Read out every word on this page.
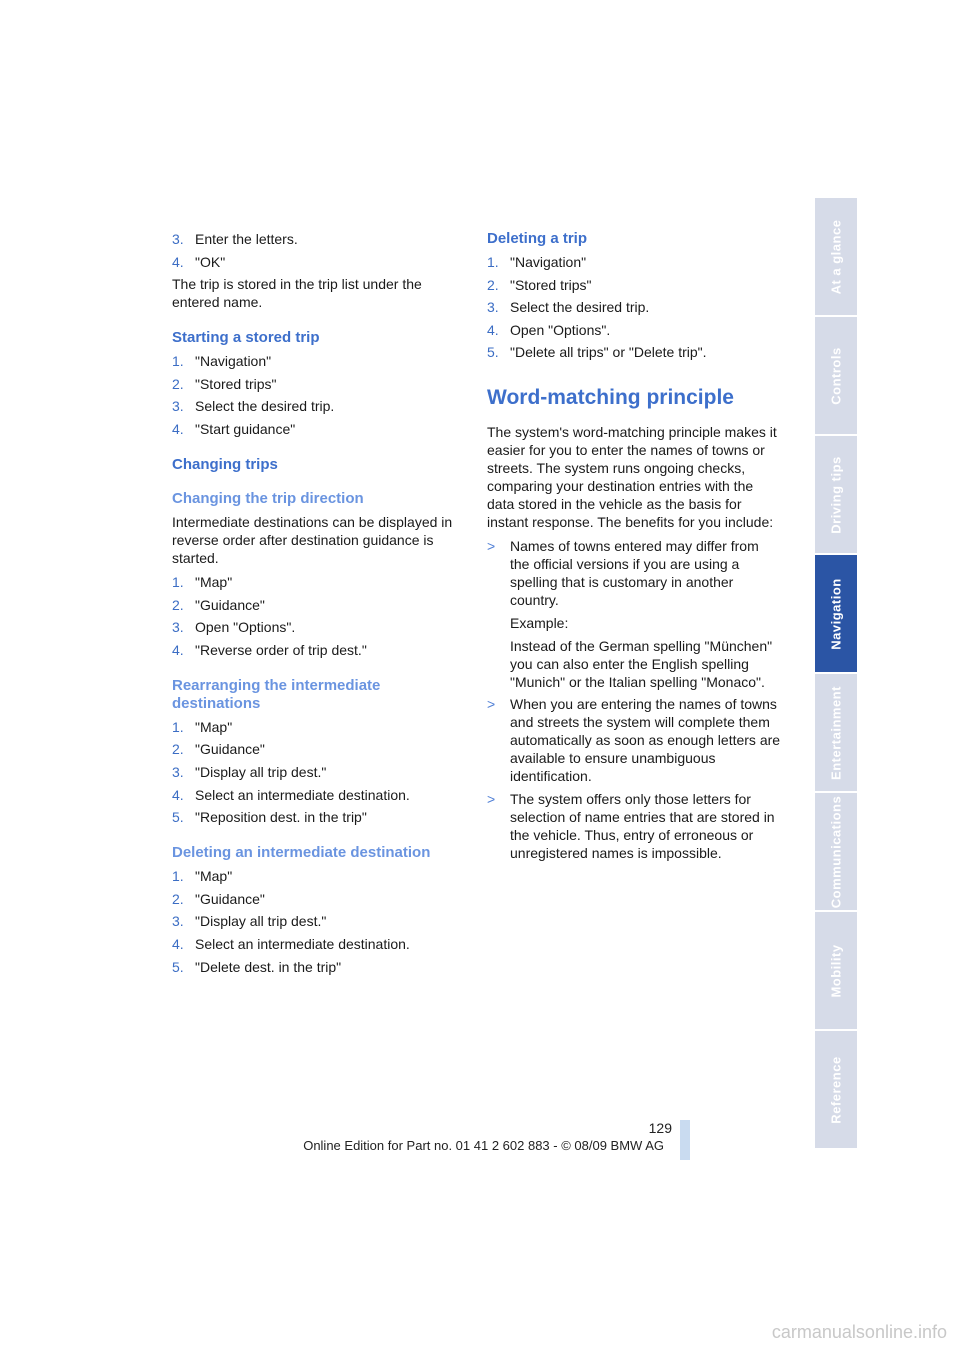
3. Enter the letters.
4. "OK"

The trip is stored in the trip list under the entered name.

Starting a stored trip
1. "Navigation"
2. "Stored trips"
3. Select the desired trip.
4. "Start guidance"
Changing trips
Changing the trip direction

Intermediate destinations can be displayed in reverse order after destination guidance is started.

1. "Map"
2. "Guidance"
3. Open "Options".
4. "Reverse order of trip dest."
Rearranging the intermediate destinations
1. "Map"
2. "Guidance"
3. "Display all trip dest."
4. Select an intermediate destination.
5. "Reposition dest. in the trip"
Deleting an intermediate destination
1. "Map"
2. "Guidance"
3. "Display all trip dest."
4. Select an intermediate destination.
5. "Delete dest. in the trip"
Deleting a trip
1. "Navigation"
2. "Stored trips"
3. Select the desired trip.
4. Open "Options".
5. "Delete all trips" or "Delete trip".
Word-matching principle

The system's word-matching principle makes it easier for you to enter the names of towns or streets. The system runs ongoing checks, comparing your destination entries with the data stored in the vehicle as the basis for instant response. The benefits for you include:

> Names of towns entered may differ from the official versions if you are using a spelling that is customary in another country.
Example:
Instead of the German spelling "München" you can also enter the English spelling "Munich" or the Italian spelling "Monaco".
> When you are entering the names of towns and streets the system will complete them automatically as soon as enough letters are available to ensure unambiguous identification.
> The system offers only those letters for selection of name entries that are stored in the vehicle. Thus, entry of erroneous or unregistered names is impossible.
At a glance
Controls
Driving tips
Navigation
Entertainment
Communications
Mobility
Reference
129
Online Edition for Part no. 01 41 2 602 883 - © 08/09 BMW AG
carmanualsonline.info
